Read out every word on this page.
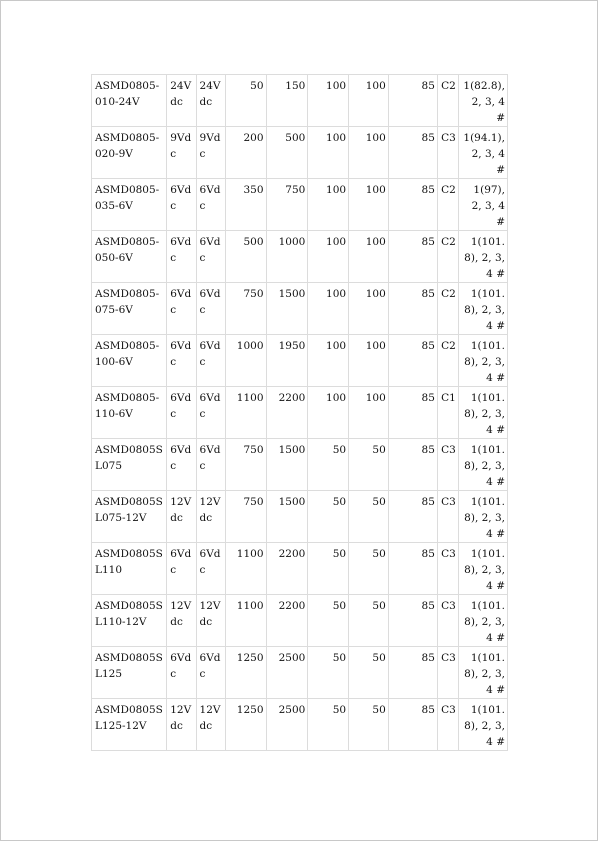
ASMD0805-010-24V	24Vdc	24Vdc	50	150	100	100	85	C2	1(82.8), 2, 3, 4 #
ASMD0805-020-9V	9Vdc	9Vdc	200	500	100	100	85	C3	1(94.1), 2, 3, 4 #
ASMD0805-035-6V	6Vdc	6Vdc	350	750	100	100	85	C2	1(97), 2, 3, 4 #
ASMD0805-050-6V	6Vdc	6Vdc	500	1000	100	100	85	C2	1(101.8), 2, 3, 4 #
ASMD0805-075-6V	6Vdc	6Vdc	750	1500	100	100	85	C2	1(101.8), 2, 3, 4 #
ASMD0805-100-6V	6Vdc	6Vdc	1000	1950	100	100	85	C2	1(101.8), 2, 3, 4 #
ASMD0805-110-6V	6Vdc	6Vdc	1100	2200	100	100	85	C1	1(101.8), 2, 3, 4 #
ASMD0805SL075	6Vdc	6Vdc	750	1500	50	50	85	C3	1(101.8), 2, 3, 4 #
ASMD0805SL075-12V	12Vdc	12Vdc	750	1500	50	50	85	C3	1(101.8), 2, 3, 4 #
ASMD0805SL110	6Vdc	6Vdc	1100	2200	50	50	85	C3	1(101.8), 2, 3, 4 #
ASMD0805SL110-12V	12Vdc	12Vdc	1100	2200	50	50	85	C3	1(101.8), 2, 3, 4 #
ASMD0805SL125	6Vdc	6Vdc	1250	2500	50	50	85	C3	1(101.8), 2, 3, 4 #
ASMD0805SL125-12V	12Vdc	12Vdc	1250	2500	50	50	85	C3	1(101.8), 2, 3, 4 #
